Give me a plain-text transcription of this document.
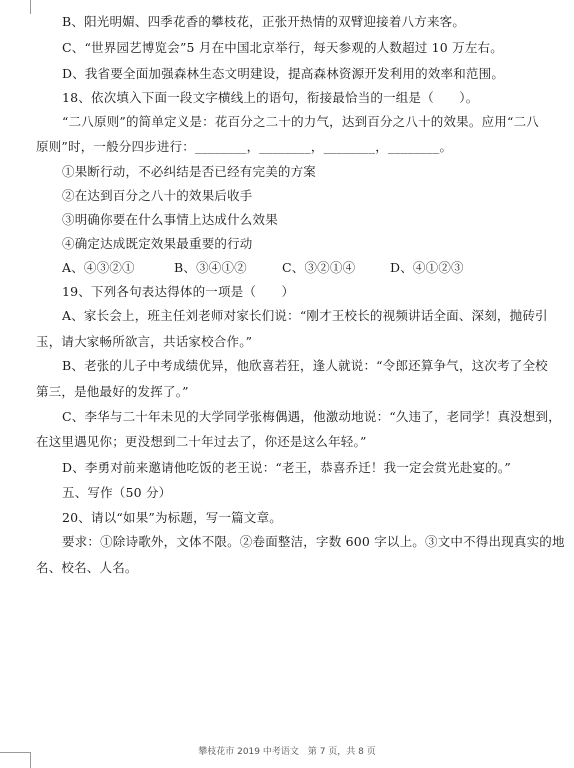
B、阳光明媚、四季花香的攀枝花，正张开热情的双臂迎接着八方来客。
C、“世界园艺博览会”5 月在中国北京举行，每天参观的人数超过 10 万左右。
D、我省要全面加强森林生态文明建设，提高森林资源开发利用的效率和范围。
18、依次填入下面一段文字横线上的语句，衔接最恰当的一组是（　　）。
“二八原则”的简单定义是：花百分之二十的力气，达到百分之八十的效果。应用“二八
原则”时，一般分四步进行：________，________，________，________。
①果断行动，不必纠结是否已经有完美的方案
②在达到百分之八十的效果后收手
③明确你要在什么事情上达成什么效果
④确定达成既定效果最重要的行动
A、④③②①	B、③④①②	C、③②①④	D、④①②③
19、下列各句表达得体的一项是（　　）
A、家长会上，班主任刘老师对家长们说：“刚才王校长的视频讲话全面、深刻，抛砖引
玉，请大家畅所欲言，共话家校合作。”
B、老张的儿子中考成绩优异，他欣喜若狂，逢人就说：“令郎还算争气，这次考了全校
第三，是他最好的发挥了。”
C、李华与二十年未见的大学同学张梅偶遇，他激动地说：“久违了，老同学！真没想到，
在这里遇见你；更没想到二十年过去了，你还是这么年轻。”
D、李勇对前来邀请他吃饭的老王说：“老王，恭喜乔迁！我一定会赏光赴宴的。”
五、写作（50 分）
20、请以“如果”为标题，写一篇文章。
要求：①除诗歌外，文体不限。②卷面整洁，字数 600 字以上。③文中不得出现真实的地
名、校名、人名。
攀枝花市 2019 中考语文　第 7 页，共 8 页
